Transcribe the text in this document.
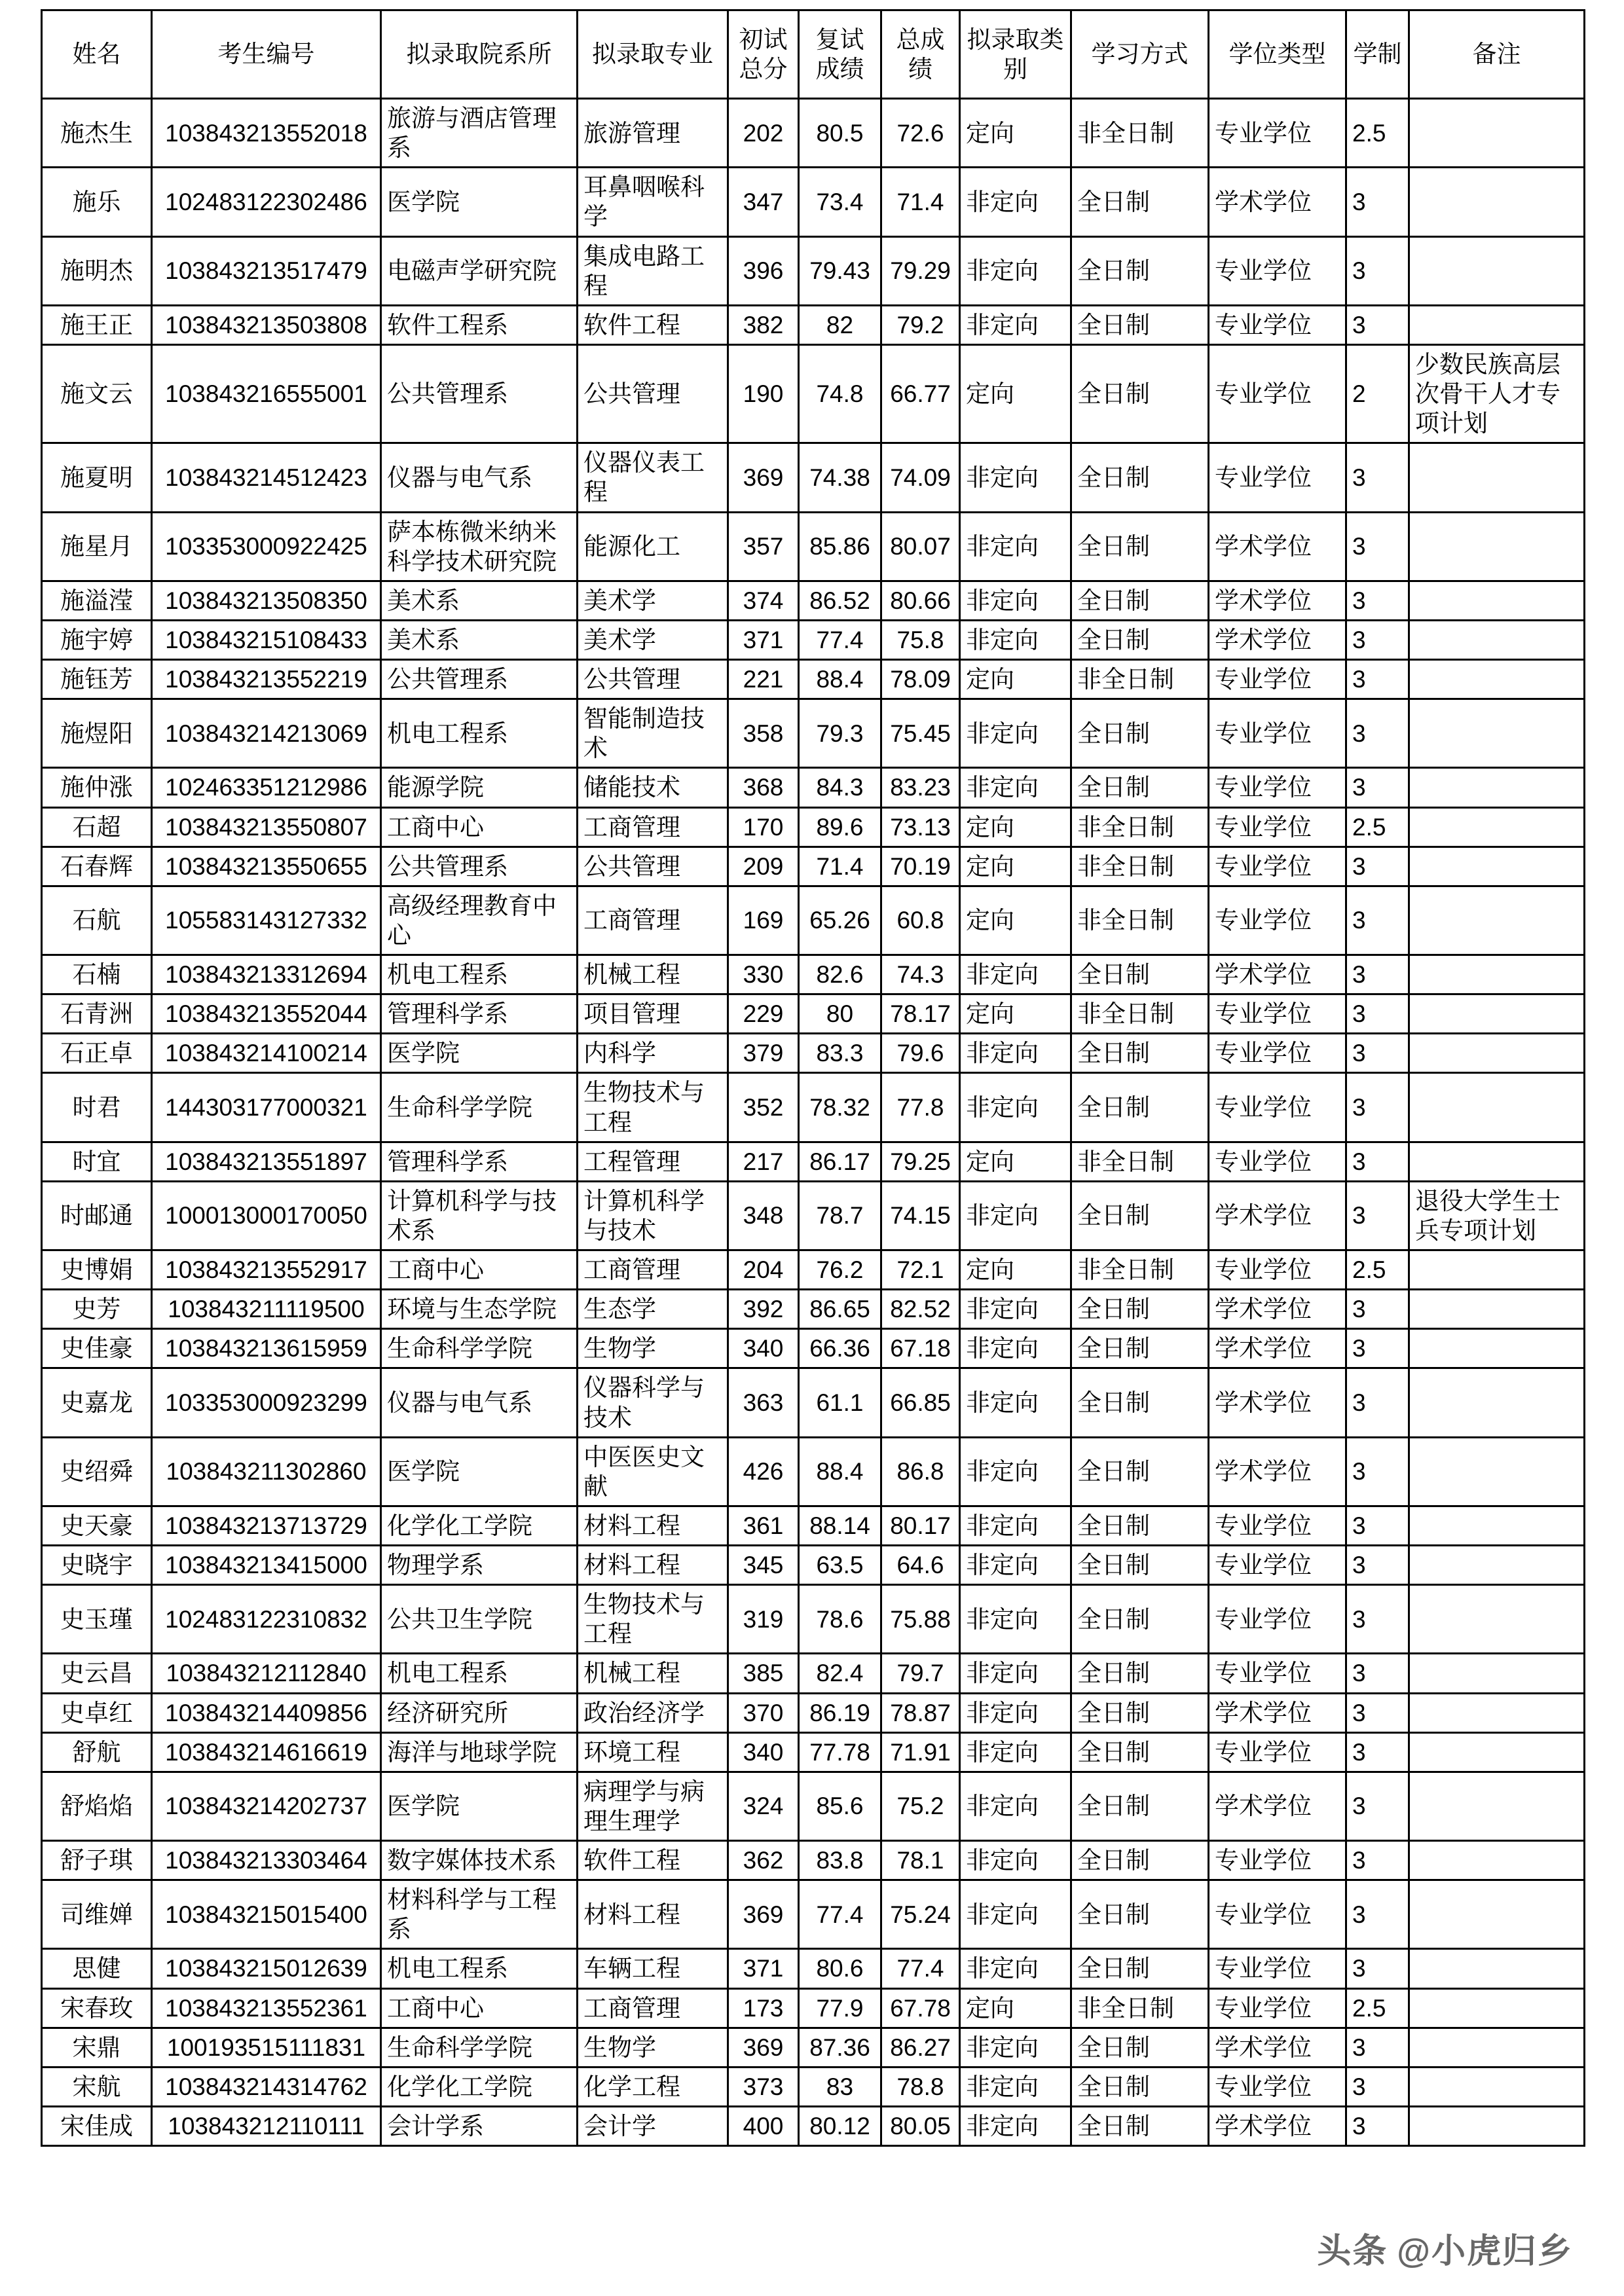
姓名	考生编号	拟录取院系所	拟录取专业	初试总分	复试成绩	总成绩	拟录取类别	学习方式	学位类型	学制	备注
施杰生	103843213552018	旅游与酒店管理系	旅游管理	202	80.5	72.6	定向	非全日制	专业学位	2.5	
施乐	102483122302486	医学院	耳鼻咽喉科学	347	73.4	71.4	非定向	全日制	学术学位	3	
施明杰	103843213517479	电磁声学研究院	集成电路工程	396	79.43	79.29	非定向	全日制	专业学位	3	
施王正	103843213503808	软件工程系	软件工程	382	82	79.2	非定向	全日制	专业学位	3	
施文云	103843216555001	公共管理系	公共管理	190	74.8	66.77	定向	全日制	专业学位	2	少数民族高层次骨干人才专项计划
施夏明	103843214512423	仪器与电气系	仪器仪表工程	369	74.38	74.09	非定向	全日制	专业学位	3	
施星月	103353000922425	萨本栋微米纳米科学技术研究院	能源化工	357	85.86	80.07	非定向	全日制	学术学位	3	
施溢滢	103843213508350	美术系	美术学	374	86.52	80.66	非定向	全日制	学术学位	3	
施宇婷	103843215108433	美术系	美术学	371	77.4	75.8	非定向	全日制	学术学位	3	
施钰芳	103843213552219	公共管理系	公共管理	221	88.4	78.09	定向	非全日制	专业学位	3	
施煜阳	103843214213069	机电工程系	智能制造技术	358	79.3	75.45	非定向	全日制	专业学位	3	
施仲涨	102463351212986	能源学院	储能技术	368	84.3	83.23	非定向	全日制	专业学位	3	
石超	103843213550807	工商中心	工商管理	170	89.6	73.13	定向	非全日制	专业学位	2.5	
石春辉	103843213550655	公共管理系	公共管理	209	71.4	70.19	定向	非全日制	专业学位	3	
石航	105583143127332	高级经理教育中心	工商管理	169	65.26	60.8	定向	非全日制	专业学位	3	
石楠	103843213312694	机电工程系	机械工程	330	82.6	74.3	非定向	全日制	学术学位	3	
石青洲	103843213552044	管理科学系	项目管理	229	80	78.17	定向	非全日制	专业学位	3	
石正卓	103843214100214	医学院	内科学	379	83.3	79.6	非定向	全日制	专业学位	3	
时君	144303177000321	生命科学学院	生物技术与工程	352	78.32	77.8	非定向	全日制	专业学位	3	
时宜	103843213551897	管理科学系	工程管理	217	86.17	79.25	定向	非全日制	专业学位	3	
时邮通	100013000170050	计算机科学与技术系	计算机科学与技术	348	78.7	74.15	非定向	全日制	学术学位	3	退役大学生士兵专项计划
史博娟	103843213552917	工商中心	工商管理	204	76.2	72.1	定向	非全日制	专业学位	2.5	
史芳	103843211119500	环境与生态学院	生态学	392	86.65	82.52	非定向	全日制	学术学位	3	
史佳豪	103843213615959	生命科学学院	生物学	340	66.36	67.18	非定向	全日制	学术学位	3	
史嘉龙	103353000923299	仪器与电气系	仪器科学与技术	363	61.1	66.85	非定向	全日制	学术学位	3	
史绍舜	103843211302860	医学院	中医医史文献	426	88.4	86.8	非定向	全日制	学术学位	3	
史天豪	103843213713729	化学化工学院	材料工程	361	88.14	80.17	非定向	全日制	专业学位	3	
史晓宇	103843213415000	物理学系	材料工程	345	63.5	64.6	非定向	全日制	专业学位	3	
史玉瑾	102483122310832	公共卫生学院	生物技术与工程	319	78.6	75.88	非定向	全日制	专业学位	3	
史云昌	103843212112840	机电工程系	机械工程	385	82.4	79.7	非定向	全日制	专业学位	3	
史卓红	103843214409856	经济研究所	政治经济学	370	86.19	78.87	非定向	全日制	学术学位	3	
舒航	103843214616619	海洋与地球学院	环境工程	340	77.78	71.91	非定向	全日制	专业学位	3	
舒焰焰	103843214202737	医学院	病理学与病理生理学	324	85.6	75.2	非定向	全日制	学术学位	3	
舒子琪	103843213303464	数字媒体技术系	软件工程	362	83.8	78.1	非定向	全日制	专业学位	3	
司维婵	103843215015400	材料科学与工程系	材料工程	369	77.4	75.24	非定向	全日制	专业学位	3	
思健	103843215012639	机电工程系	车辆工程	371	80.6	77.4	非定向	全日制	专业学位	3	
宋春玫	103843213552361	工商中心	工商管理	173	77.9	67.78	定向	非全日制	专业学位	2.5	
宋鼎	100193515111831	生命科学学院	生物学	369	87.36	86.27	非定向	全日制	学术学位	3	
宋航	103843214314762	化学化工学院	化学工程	373	83	78.8	非定向	全日制	专业学位	3	
宋佳成	103843212110111	会计学系	会计学	400	80.12	80.05	非定向	全日制	学术学位	3	
头条 @小虎归乡
